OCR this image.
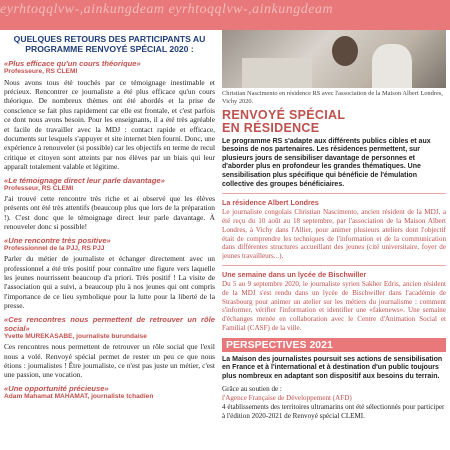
eyrhtoqqlvw-,ainkungdeam eyrhtoqqlvw-,ainkungdeam
QUELQUES RETOURS DES PARTICIPANTS AU PROGRAMME RENVOYÉ SPÉCIAL 2020 :

«Plus efficace qu'un cours théorique»

Professeure, RS CLEMI

Nous avons tous été touchés par ce témoignage inestimable et précieux. Rencontrer ce journaliste a été plus efficace qu'un cours théorique. De nombreux thèmes ont été abordés et la prise de conscience se fait plus rapidement car elle est frontale, et c'est parfois ce dont nous avons besoin. Pour les enseignants, il a été très agréable et facile de travailler avec la MDJ : contact rapide et efficace, documents sur lesquels s'appuyer et site internet bien fourni. Donc, une expérience à renouveler (si possible) car les objectifs en terme de recul critique et citoyen sont atteints par nos élèves par un biais qui leur apparaît totalement valable et légitime.

«Le témoignage direct leur parle davantage»

Professeur, RS CLEMI

J'ai trouvé cette rencontre très riche et ai observé que les élèves présents ont été très attentifs (beaucoup plus que lors de la préparation !). C'est donc que le témoignage direct leur parle davantage. À renouveler donc si possible!

«Une rencontre très positive»

Professionnel de la PJJ, RS PJJ

Parler du métier de journaliste et échanger directement avec un professionnel a été très positif pour connaître une figure vers laquelle les jeunes nourrissent beaucoup d'a priori. Très positif ! La visite de l'association qui a suivi, a beaucoup plu à nos jeunes qui ont compris l'importance de ce lieu symbolique pour la lutte pour la liberté de la presse.

«Ces rencontres nous permettent de retrouver un rôle social»

Yvette MUREKASABE, journaliste burundaise

Ces rencontres nous permettent de retrouver un rôle social que l'exil nous a volé. Renvoyé spécial permet de rester un peu ce que nous étions : journalistes ! Être journaliste, ce n'est pas juste un métier, c'est une passion, une vocation.

«Une opportunité précieuse»

Adam Mahamat MAHAMAT, journaliste tchadien

Christian Nascimento en résidence RS avec l'association de la Maison Albert Londres, Vichy 2020.

RENVOYÉ SPÉCIAL
EN RÉSIDENCE

Le programme RS s'adapte aux différents publics cibles et aux besoins de nos partenaires. Les résidences permettent, sur plusieurs jours de sensibiliser davantage de personnes et d'aborder plus en profondeur les grandes thématiques. Une sensibilisation plus spécifique qui bénéficie de l'émulation collective des groupes bénéficiaires.

La résidence Albert Londres

Le journaliste congolais Christian Nascimento, ancien résident de la MDJ, a été reçu du 10 août au 18 septembre, par l'association de la Maison Albert Londres, à Vichy dans l'Allier, pour animer plusieurs ateliers dont l'objectif était de comprendre les techniques de l'information et de la communication dans différentes structures accueillant des jeunes (cité universitaire, foyer de jeunes travailleurs...).

Une semaine dans un lycée de Bischwiller

Du 5 au 9 septembre 2020, le journaliste syrien Sakher Edris, ancien résident de la MDJ s'est rendu dans un lycée de Bischwiller dans l'académie de Strasbourg pour animer un atelier sur les métiers du journalisme : comment s'informer, vérifier l'information et identifier une «fakenews». Une semaine d'échanges menée en collaboration avec le Centre d'Animation Social et Familial (CASF) de la ville.

PERSPECTIVES 2021

La Maison des journalistes poursuit ses actions de sensibilisation en France et à l'international et à destination d'un public toujours plus nombreux en adaptant son dispositif aux besoins du terrain.

Grâce au soutien de :
l'Agence Française de Développement (AFD)
4 établissements des territoires ultramarins ont été sélectionnés pour participer à l'édition 2020-2021 de Renvoyé spécial CLEMI.
